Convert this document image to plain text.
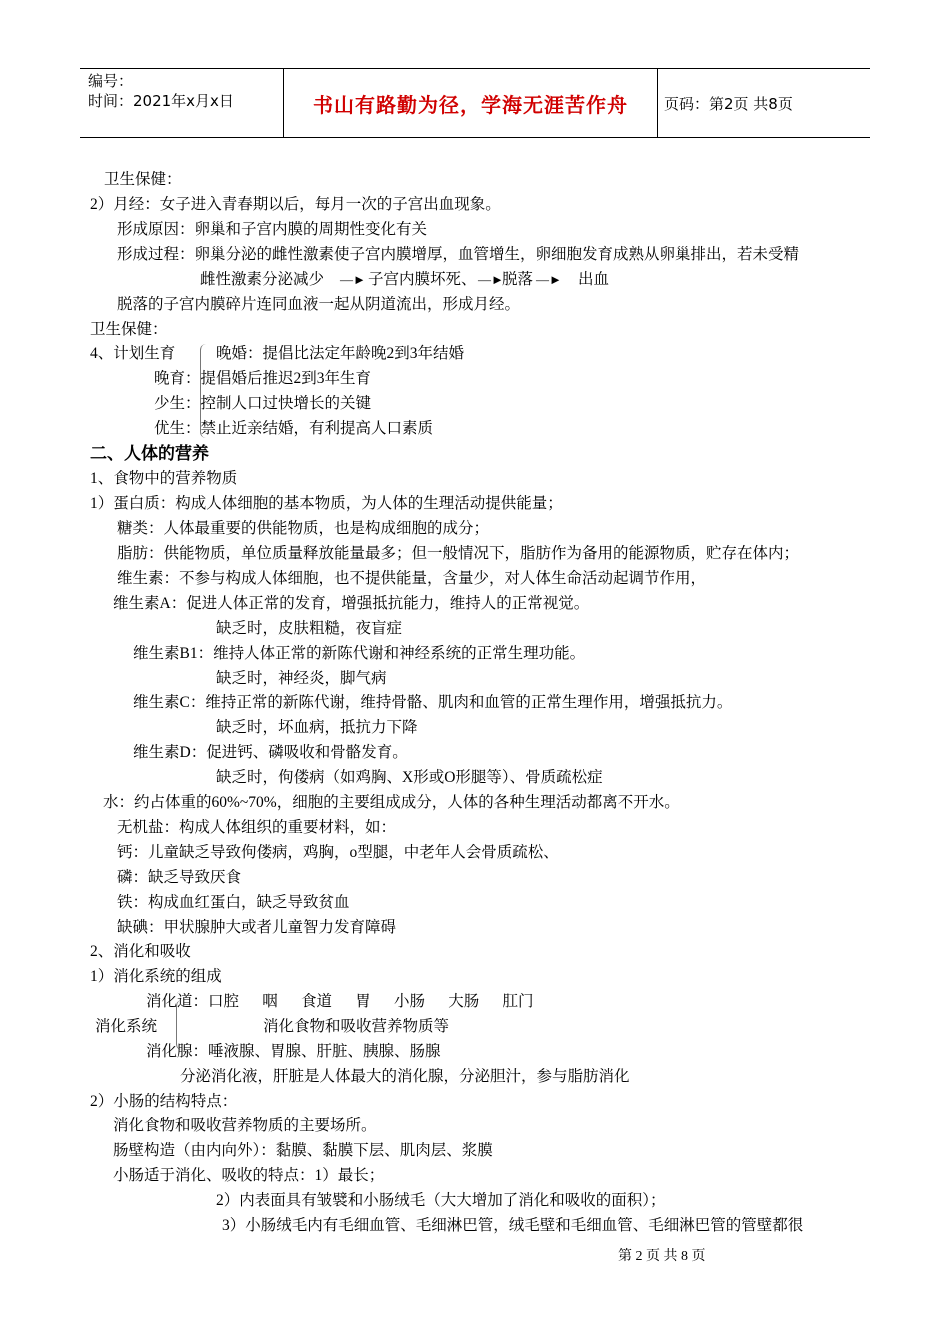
编号：
时间：2021年x月x日	书山有路勤为径，学海无涯苦作舟 页码：第2页 共8页
卫生保健：
2）月经：女子进入青春期以后，每月一次的子宫出血现象。
形成原因：卵巢和子宫内膜的周期性变化有关
形成过程：卵巢分泌的雌性激素使子宫内膜增厚，血管增生，卵细胞发育成熟从卵巢排出，若未受精
雌性激素分泌减少 —► 子宫内膜坏死、 —►
脱落 —► 出血
脱落的子宫内膜碎片连同血液一起从阴道流出，形成月经。
卫生保健：
4、计划生育	晚婚：提倡比法定年龄晚2到3年结婚
晚育：提倡婚后推迟2到3年生育
少生：控制人口过快增长的关键
优生：禁止近亲结婚，有利提高人口素质
二、人体的营养
1、食物中的营养物质
1）蛋白质：构成人体细胞的基本物质，为人体的生理活动提供能量；
糖类：人体最重要的供能物质，也是构成细胞的成分；
脂肪：供能物质，单位质量释放能量最多；但一般情况下，脂肪作为备用的能源物质，贮存在体内；
维生素：不参与构成人体细胞，也不提供能量，含量少，对人体生命活动起调节作用，
维生素A：促进人体正常的发育，增强抵抗能力，维持人的正常视觉。
缺乏时，皮肤粗糙，夜盲症
维生素B1：维持人体正常的新陈代谢和神经系统的正常生理功能。
缺乏时，神经炎，脚气病
维生素C：维持正常的新陈代谢，维持骨骼、肌肉和血管的正常生理作用，增强抵抗力。
缺乏时，坏血病，抵抗力下降
维生素D：促进钙、磷吸收和骨骼发育。
缺乏时，佝偻病（如鸡胸、X形或O形腿等）、骨质疏松症
水：约占体重的60%~70%，细胞的主要组成成分，人体的各种生理活动都离不开水。
无机盐：构成人体组织的重要材料，如：
钙：儿童缺乏导致佝偻病，鸡胸，o型腿，中老年人会骨质疏松、
磷：缺乏导致厌食
铁：构成血红蛋白，缺乏导致贫血
缺碘：甲状腺肿大或者儿童智力发育障碍
2、消化和吸收
1）消化系统的组成
消化道：口腔      咽      食道      胃      小肠      大肠      肛门
消化系统	消化食物和吸收营养物质等
消化腺：唾液腺、胃腺、肝脏、胰腺、肠腺
分泌消化液，肝脏是人体最大的消化腺，分泌胆汁，参与脂肪消化
2）小肠的结构特点：
消化食物和吸收营养物质的主要场所。
肠壁构造（由内向外）：黏膜、黏膜下层、肌肉层、浆膜
小肠适于消化、吸收的特点：1）最长；
2）内表面具有皱襞和小肠绒毛（大大增加了消化和吸收的面积）；
3）小肠绒毛内有毛细血管、毛细淋巴管，绒毛壁和毛细血管、毛细淋巴管的管壁都很
第 2 页 共 8 页
